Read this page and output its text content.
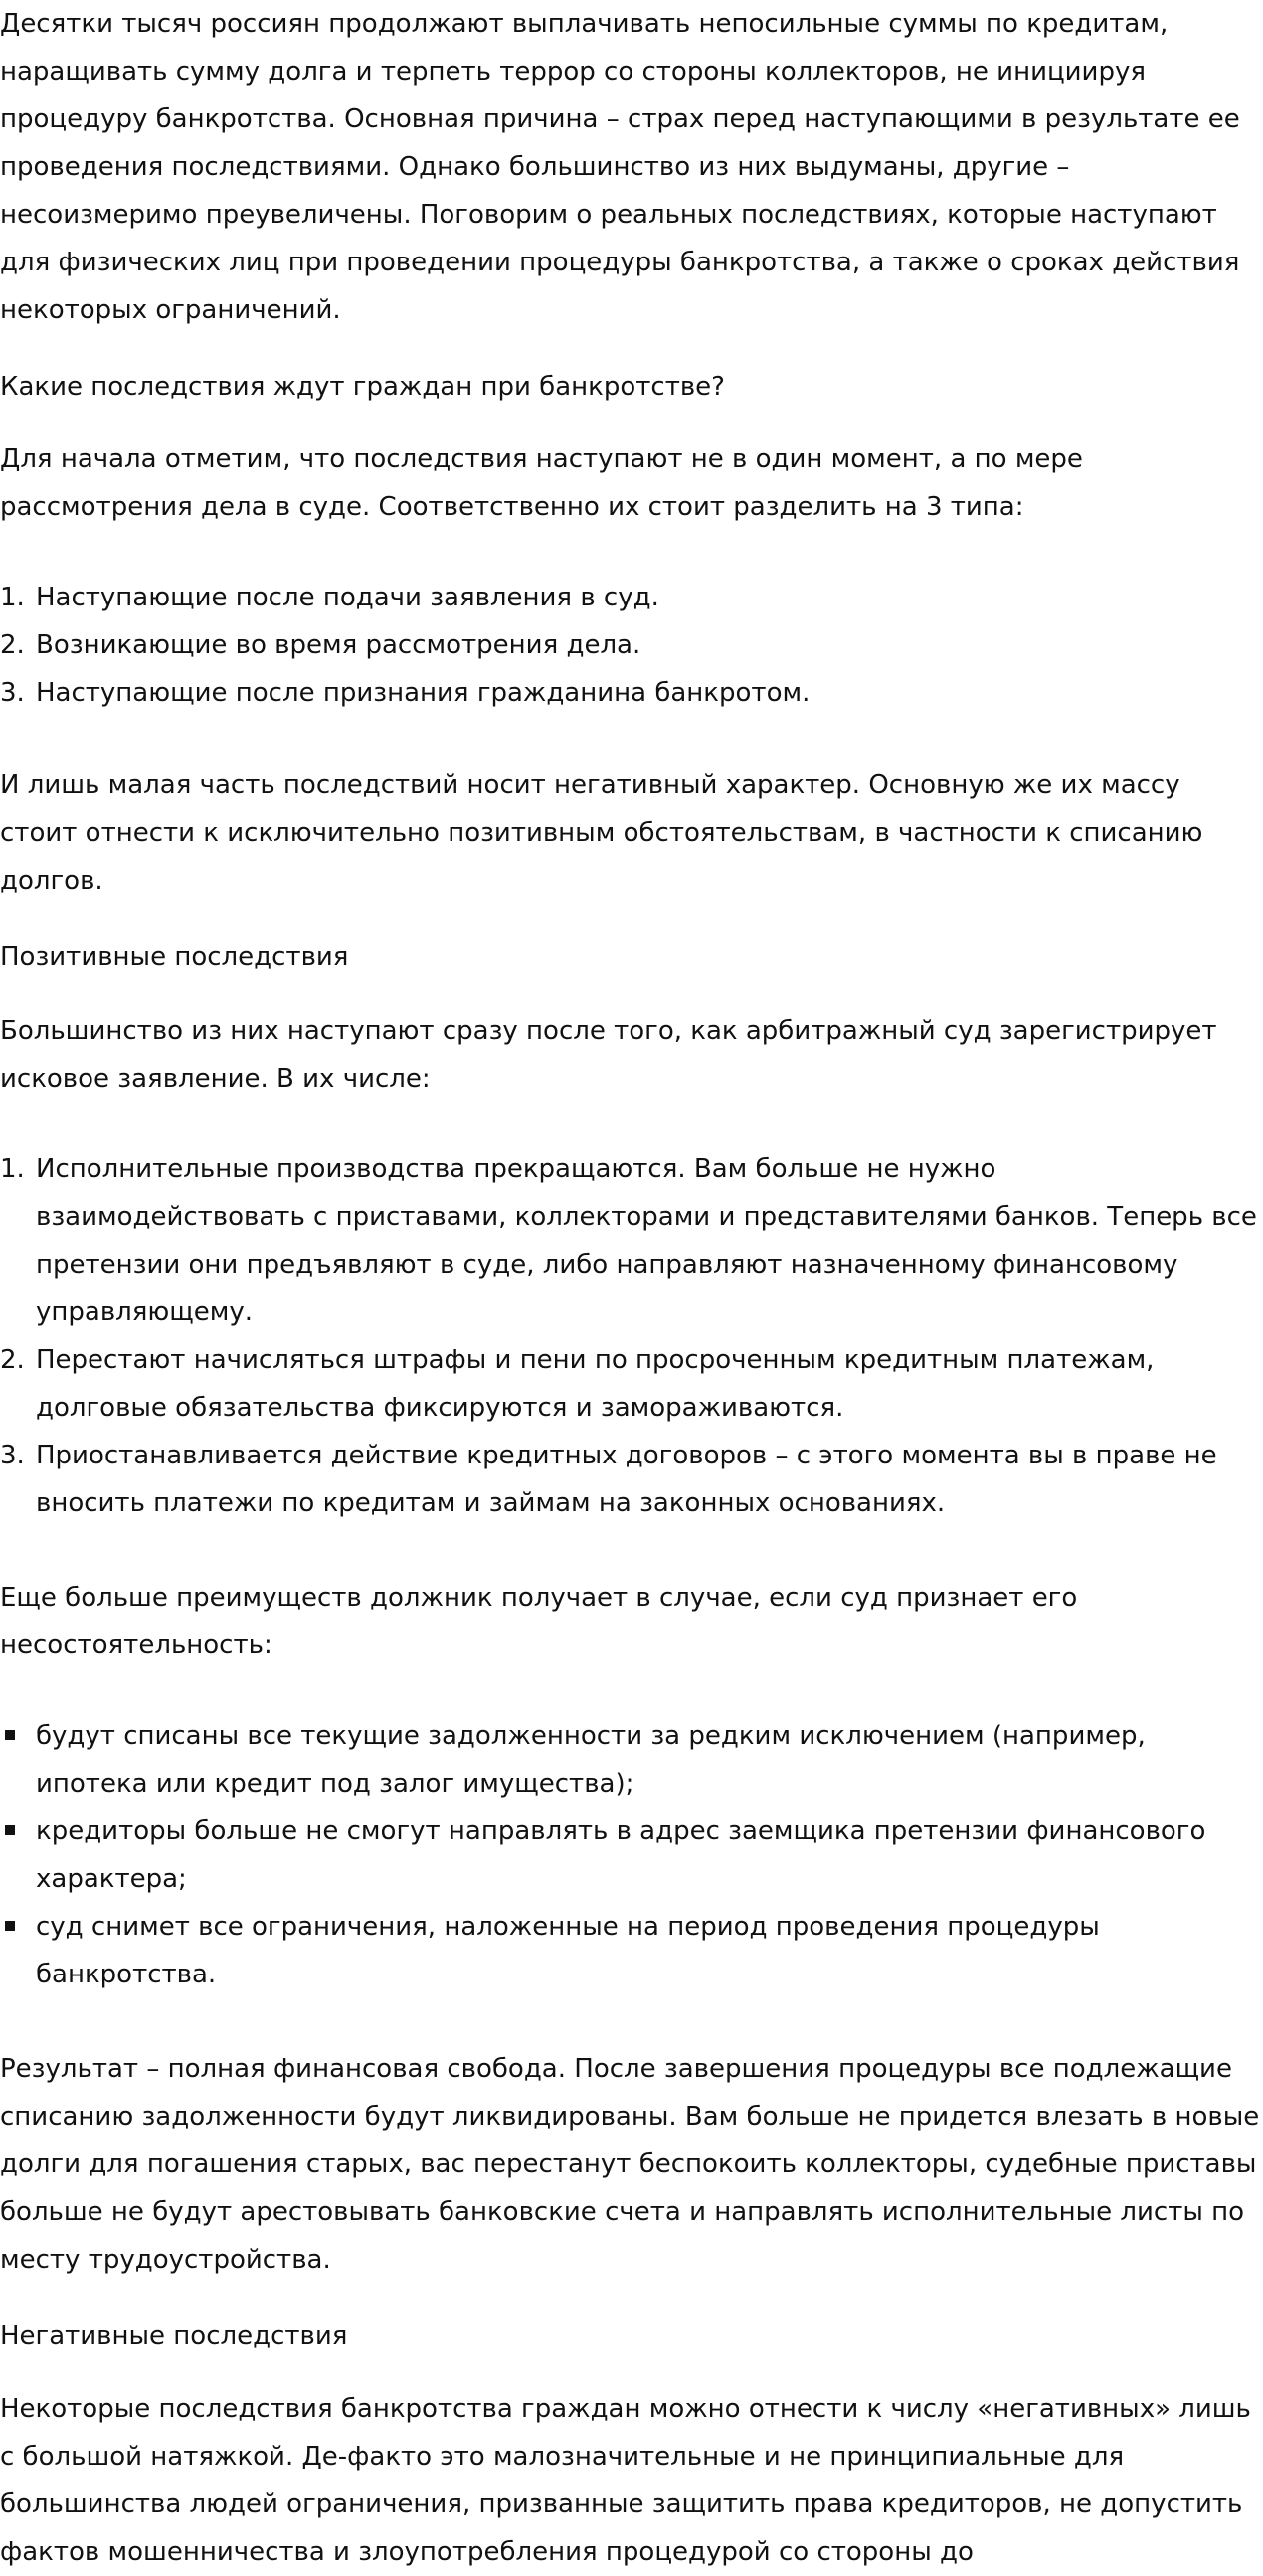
Десятки тысяч россиян продолжают выплачивать непосильные суммы по кредитам,
наращивать сумму долга и терпеть террор со стороны коллекторов, не инициируя
процедуру банкротства. Основная причина – страх перед наступающими в результате ее
проведения последствиями. Однако большинство из них выдуманы, другие –
несоизмеримо преувеличены. Поговорим о реальных последствиях, которые наступают
для физических лиц при проведении процедуры банкротства, а также о сроках действия
некоторых ограничений.
Какие последствия ждут граждан при банкротстве?
Для начала отметим, что последствия наступают не в один момент, а по мере
рассмотрения дела в суде. Соответственно их стоит разделить на 3 типа:
1. Наступающие после подачи заявления в суд.
2. Возникающие во время рассмотрения дела.
3. Наступающие после признания гражданина банкротом.
И лишь малая часть последствий носит негативный характер. Основную же их массу
стоит отнести к исключительно позитивным обстоятельствам, в частности к списанию
долгов.
Позитивные последствия
Большинство из них наступают сразу после того, как арбитражный суд зарегистрирует
исковое заявление. В их числе:
1. Исполнительные производства прекращаются. Вам больше не нужно
взаимодействовать с приставами, коллекторами и представителями банков. Теперь все
претензии они предъявляют в суде, либо направляют назначенному финансовому
управляющему.
2. Перестают начисляться штрафы и пени по просроченным кредитным платежам,
долговые обязательства фиксируются и замораживаются.
3. Приостанавливается действие кредитных договоров – с этого момента вы в праве не
вносить платежи по кредитам и займам на законных основаниях.
Еще больше преимуществ должник получает в случае, если суд признает его
несостоятельность:
будут списаны все текущие задолженности за редким исключением (например,
ипотека или кредит под залог имущества);
кредиторы больше не смогут направлять в адрес заемщика претензии финансового
характера;
суд снимет все ограничения, наложенные на период проведения процедуры
банкротства.
Результат – полная финансовая свобода. После завершения процедуры все подлежащие
списанию задолженности будут ликвидированы. Вам больше не придется влезать в новые
долги для погашения старых, вас перестанут беспокоить коллекторы, судебные приставы
больше не будут арестовывать банковские счета и направлять исполнительные листы по
месту трудоустройства.
Негативные последствия
Некоторые последствия банкротства граждан можно отнести к числу «негативных» лишь
с большой натяжкой. Де-факто это малозначительные и не принципиальные для
большинства людей ограничения, призванные защитить права кредиторов, не допустить
фактов мошенничества и злоупотребления процедурой со стороны до
